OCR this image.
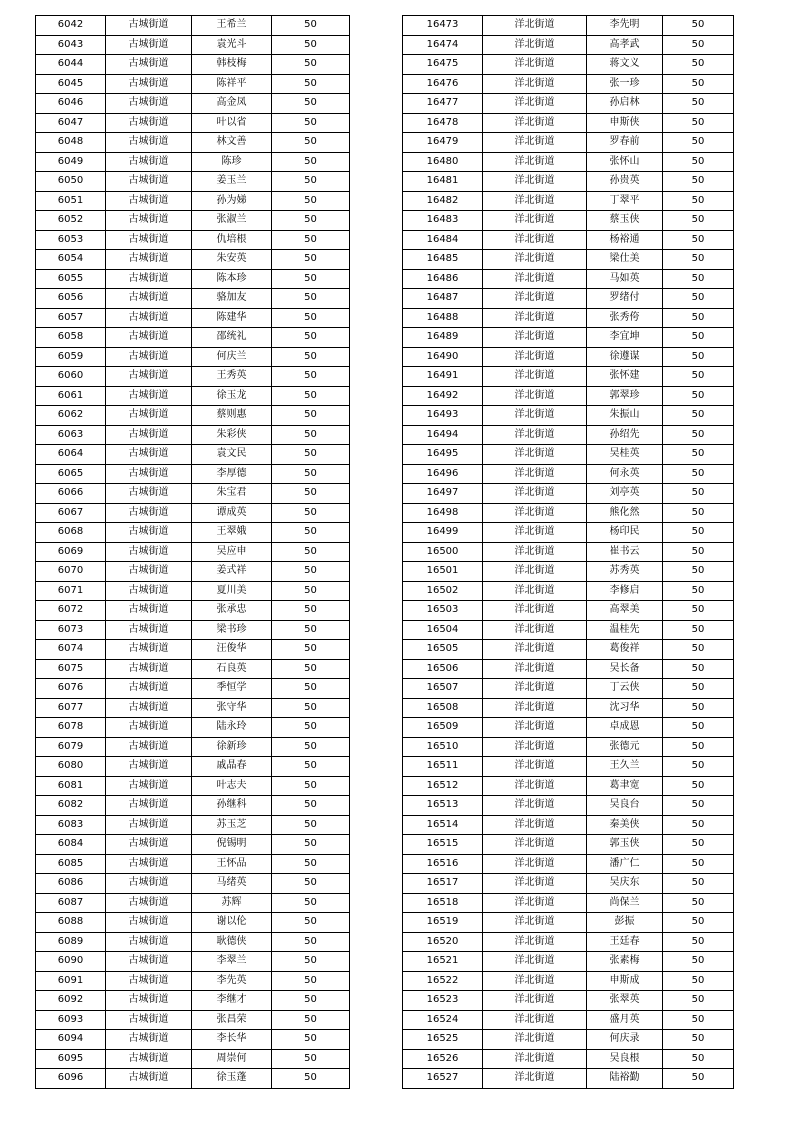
6042	古城街道	王希兰	50
6043	古城街道	袁光斗	50
6044	古城街道	韩枝梅	50
6045	古城街道	陈祥平	50
6046	古城街道	高金凤	50
6047	古城街道	叶以省	50
6048	古城街道	林文善	50
6049	古城街道	陈珍	50
6050	古城街道	姜玉兰	50
6051	古城街道	孙为娣	50
6052	古城街道	张淑兰	50
6053	古城街道	仇培根	50
6054	古城街道	朱安英	50
6055	古城街道	陈本珍	50
6056	古城街道	骆加友	50
6057	古城街道	陈建华	50
6058	古城街道	邵统礼	50
6059	古城街道	何庆兰	50
6060	古城街道	王秀英	50
6061	古城街道	徐玉龙	50
6062	古城街道	蔡则惠	50
6063	古城街道	朱彩侠	50
6064	古城街道	袁文民	50
6065	古城街道	李厚德	50
6066	古城街道	朱宝君	50
6067	古城街道	谭成英	50
6068	古城街道	王翠娥	50
6069	古城街道	吴应申	50
6070	古城街道	姜式祥	50
6071	古城街道	夏川美	50
6072	古城街道	张承忠	50
6073	古城街道	梁书珍	50
6074	古城街道	汪俊华	50
6075	古城街道	石良英	50
6076	古城街道	季恒学	50
6077	古城街道	张守华	50
6078	古城街道	陆永玲	50
6079	古城街道	徐新珍	50
6080	古城街道	戚晶春	50
6081	古城街道	叶志夫	50
6082	古城街道	孙继科	50
6083	古城街道	苏玉芝	50
6084	古城街道	倪锡明	50
6085	古城街道	王怀品	50
6086	古城街道	马绪英	50
6087	古城街道	苏辉	50
6088	古城街道	谢以伦	50
6089	古城街道	耿德侠	50
6090	古城街道	李翠兰	50
6091	古城街道	李先英	50
6092	古城街道	李继才	50
6093	古城街道	张昌荣	50
6094	古城街道	李长华	50
6095	古城街道	周崇何	50
6096	古城街道	徐玉蓬	50
16473	洋北街道	李先明	50
16474	洋北街道	高孝武	50
16475	洋北街道	蒋文义	50
16476	洋北街道	张一珍	50
16477	洋北街道	孙启林	50
16478	洋北街道	申斯侠	50
16479	洋北街道	罗春前	50
16480	洋北街道	张怀山	50
16481	洋北街道	孙贵英	50
16482	洋北街道	丁翠平	50
16483	洋北街道	蔡玉侠	50
16484	洋北街道	杨裕通	50
16485	洋北街道	梁仕美	50
16486	洋北街道	马如英	50
16487	洋北街道	罗绪付	50
16488	洋北街道	张秀侉	50
16489	洋北街道	李宜坤	50
16490	洋北街道	徐遵谋	50
16491	洋北街道	张怀建	50
16492	洋北街道	郭翠珍	50
16493	洋北街道	朱振山	50
16494	洋北街道	孙绍先	50
16495	洋北街道	吴桂英	50
16496	洋北街道	何永英	50
16497	洋北街道	刘亭英	50
16498	洋北街道	熊化然	50
16499	洋北街道	杨印民	50
16500	洋北街道	崔书云	50
16501	洋北街道	苏秀英	50
16502	洋北街道	李修启	50
16503	洋北街道	高翠美	50
16504	洋北街道	温桂先	50
16505	洋北街道	葛俊祥	50
16506	洋北街道	吴长备	50
16507	洋北街道	丁云侠	50
16508	洋北街道	沈习华	50
16509	洋北街道	卓成恩	50
16510	洋北街道	张德元	50
16511	洋北街道	王久兰	50
16512	洋北街道	葛聿宽	50
16513	洋北街道	吴良台	50
16514	洋北街道	秦美侠	50
16515	洋北街道	郭玉侠	50
16516	洋北街道	潘广仁	50
16517	洋北街道	吴庆东	50
16518	洋北街道	尚保兰	50
16519	洋北街道	彭振	50
16520	洋北街道	王廷春	50
16521	洋北街道	张素梅	50
16522	洋北街道	申斯成	50
16523	洋北街道	张翠英	50
16524	洋北街道	盛月英	50
16525	洋北街道	何庆录	50
16526	洋北街道	吴良根	50
16527	洋北街道	陆裕勤	50
